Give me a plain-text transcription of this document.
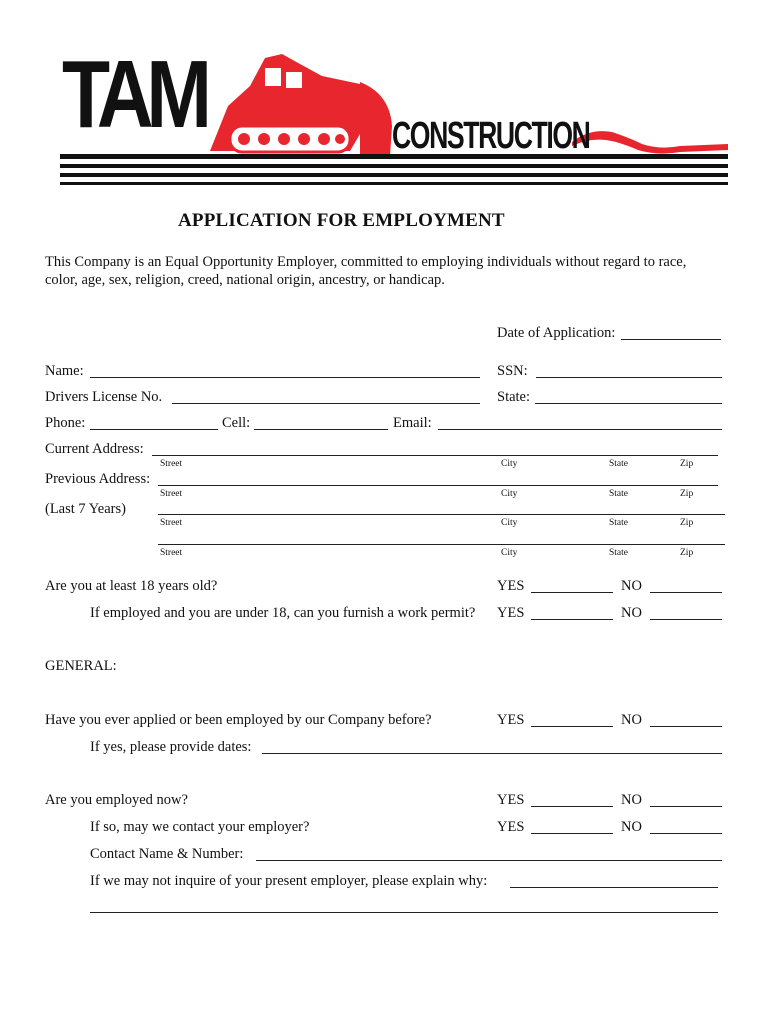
TAM	CONSTRUCTION
APPLICATION FOR EMPLOYMENT
This Company is an Equal Opportunity Employer, committed to employing individuals without regard to race,
color, age, sex, religion, creed, national origin, ancestry, or handicap.
Date of Application:
Name:	SSN:
Drivers License No.	State:
Phone:	Cell:	Email:
Current Address:
Street	City	State	Zip
Previous Address:
Street	City	State	Zip
(Last 7 Years)
Street	City	State	Zip
Street	City	State	Zip
Are you at least 18 years old?	YES	NO
If employed and you are under 18, can you furnish a work permit? YES	NO
GENERAL:
Have you ever applied or been employed by our Company before?	YES	NO
If yes, please provide dates:
Are you employed now?	YES	NO
If so, may we contact your employer?	YES	NO
Contact Name & Number:
If we may not inquire of your present employer, please explain why:
